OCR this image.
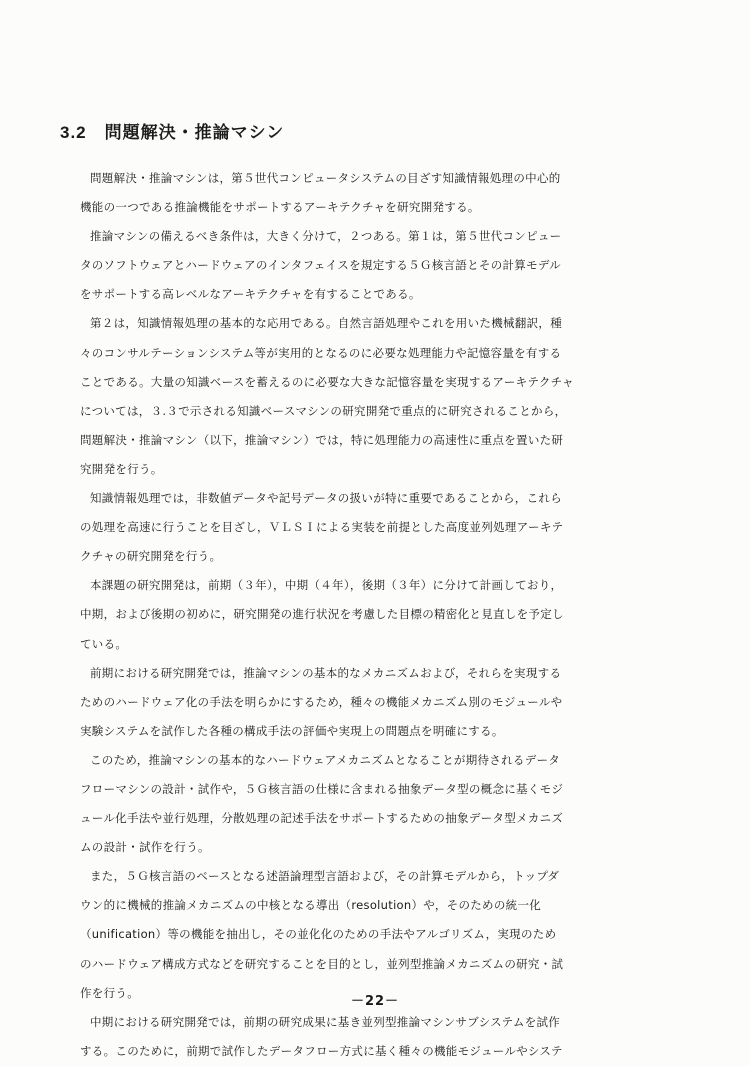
3.2 問題解決・推論マシン
問題解決・推論マシンは，第５世代コンピュータシステムの目ざす知識情報処理の中心的
機能の一つである推論機能をサポートするアーキテクチャを研究開発する。
推論マシンの備えるべき条件は，大きく分けて，２つある。第１は，第５世代コンピュー
タのソフトウェアとハードウェアのインタフェイスを規定する５Ｇ核言語とその計算モデル
をサポートする高レベルなアーキテクチャを有することである。
第２は，知識情報処理の基本的な応用である。自然言語処理やこれを用いた機械翻訳，種
々のコンサルテーションシステム等が実用的となるのに必要な処理能力や記憶容量を有する
ことである。大量の知識ベースを蓄えるのに必要な大きな記憶容量を実現するアーキテクチャ
については，３.３で示される知識ベースマシンの研究開発で重点的に研究されることから，
問題解決・推論マシン（以下，推論マシン）では，特に処理能力の高速性に重点を置いた研
究開発を行う。
知識情報処理では，非数値データや記号データの扱いが特に重要であることから，これら
の処理を高速に行うことを目ざし，ＶＬＳＩによる実装を前提とした高度並列処理アーキテ
クチャの研究開発を行う。
本課題の研究開発は，前期（３年），中期（４年），後期（３年）に分けて計画しており，
中期，および後期の初めに，研究開発の進行状況を考慮した目標の精密化と見直しを予定し
ている。
前期における研究開発では，推論マシンの基本的なメカニズムおよび，それらを実現する
ためのハードウェア化の手法を明らかにするため，種々の機能メカニズム別のモジュールや
実験システムを試作した各種の構成手法の評価や実現上の問題点を明確にする。
このため，推論マシンの基本的なハードウェアメカニズムとなることが期待されるデータ
フローマシンの設計・試作や，５Ｇ核言語の仕様に含まれる抽象データ型の概念に基くモジ
ュール化手法や並行処理，分散処理の記述手法をサポートするための抽象データ型メカニズ
ムの設計・試作を行う。
また，５Ｇ核言語のベースとなる述語論理型言語および，その計算モデルから，トップダ
ウン的に機械的推論メカニズムの中核となる導出（resolution）や，そのための統一化
（unification）等の機能を抽出し，その並化化のための手法やアルゴリズム，実現のため
のハードウェア構成方式などを研究することを目的とし，並列型推論メカニズムの研究・試
作を行う。
中期における研究開発では，前期の研究成果に基き並列型推論マシンサブシステムを試作
する。このために，前期で試作したデータフロー方式に基く種々の機能モジュールやシステ
－22－
